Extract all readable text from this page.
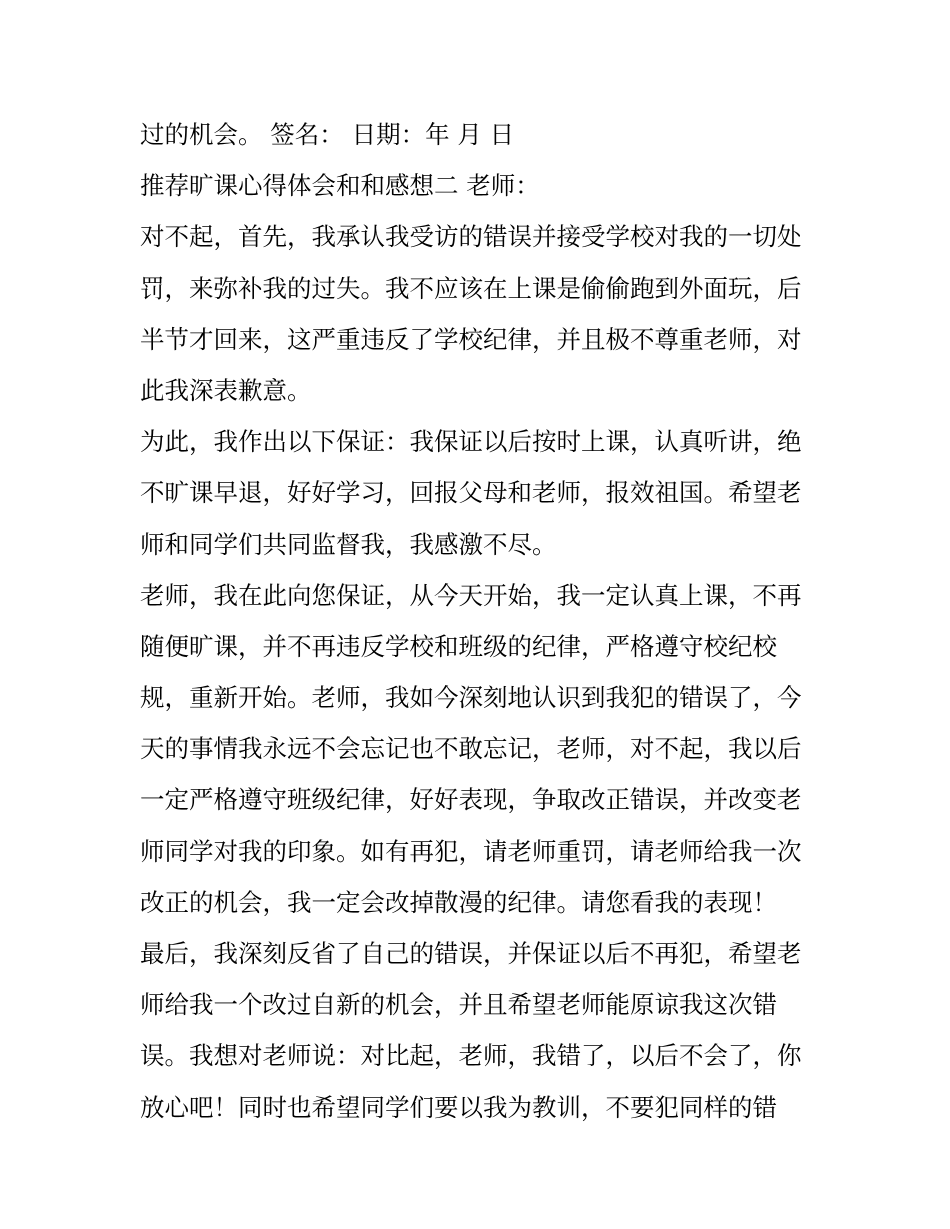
过的机会。 签名： 日期：年 月 日
推荐旷课心得体会和和感想二 老师：
对不起，首先，我承认我受访的错误并接受学校对我的一切处
罚，来弥补我的过失。我不应该在上课是偷偷跑到外面玩，后
半节才回来，这严重违反了学校纪律，并且极不尊重老师，对
此我深表歉意。
为此，我作出以下保证：我保证以后按时上课，认真听讲，绝
不旷课早退，好好学习，回报父母和老师，报效祖国。希望老
师和同学们共同监督我，我感激不尽。
老师，我在此向您保证，从今天开始，我一定认真上课，不再
随便旷课，并不再违反学校和班级的纪律，严格遵守校纪校
规，重新开始。老师，我如今深刻地认识到我犯的错误了，今
天的事情我永远不会忘记也不敢忘记，老师，对不起，我以后
一定严格遵守班级纪律，好好表现，争取改正错误，并改变老
师同学对我的印象。如有再犯，请老师重罚，请老师给我一次
改正的机会，我一定会改掉散漫的纪律。请您看我的表现！
最后，我深刻反省了自己的错误，并保证以后不再犯，希望老
师给我一个改过自新的机会，并且希望老师能原谅我这次错
误。我想对老师说：对比起，老师，我错了，以后不会了，你
放心吧！同时也希望同学们要以我为教训，不要犯同样的错
